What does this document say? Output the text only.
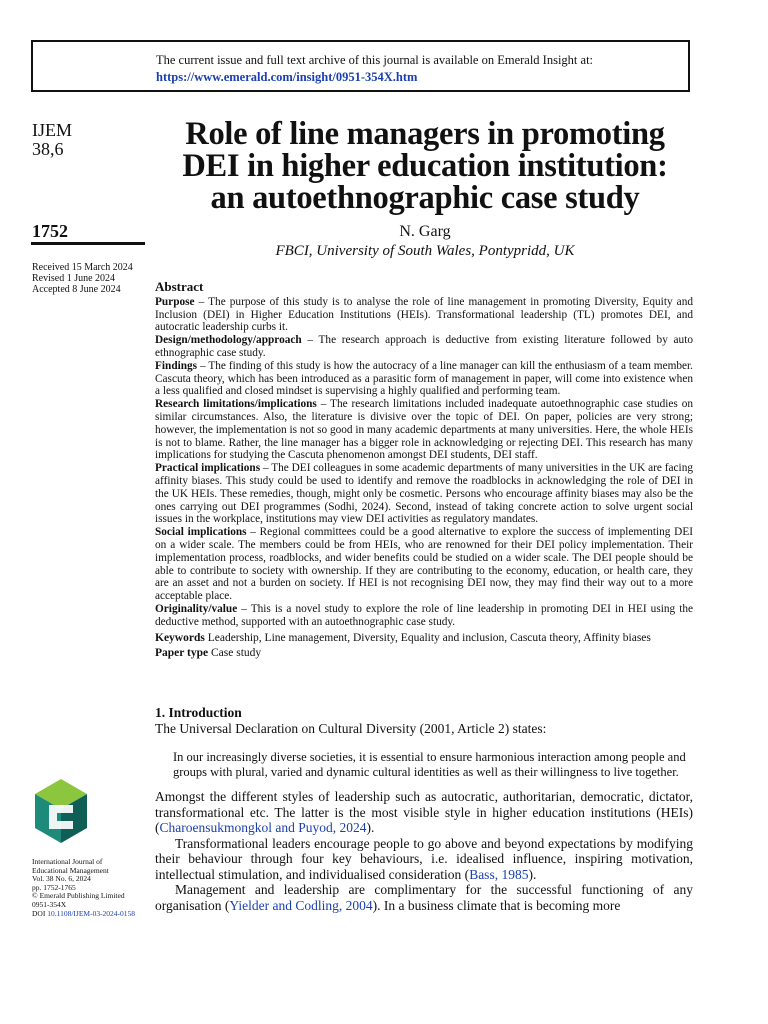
The current issue and full text archive of this journal is available on Emerald Insight at:
https://www.emerald.com/insight/0951-354X.htm
IJEM
38,6
1752
Received 15 March 2024
Revised 1 June 2024
Accepted 8 June 2024
Role of line managers in promoting
DEI in higher education institution:
an autoethnographic case study
N. Garg
FBCI, University of South Wales, Pontypridd, UK
Abstract

Purpose – The purpose of this study is to analyse the role of line management in promoting Diversity, Equity and Inclusion (DEI) in Higher Education Institutions (HEIs). Transformational leadership (TL) promotes DEI, and autocratic leadership curbs it.

Design/methodology/approach – The research approach is deductive from existing literature followed by auto ethnographic case study.

Findings – The finding of this study is how the autocracy of a line manager can kill the enthusiasm of a team member. Cascuta theory, which has been introduced as a parasitic form of management in paper, will come into existence when a less qualified and closed mindset is supervising a highly qualified and performing team.

Research limitations/implications – The research limitations included inadequate autoethnographic case studies on similar circumstances. Also, the literature is divisive over the topic of DEI. On paper, policies are very strong; however, the implementation is not so good in many academic departments at many universities. Here, the whole HEIs is not to blame. Rather, the line manager has a bigger role in acknowledging or rejecting DEI. This research has many implications for studying the Cascuta phenomenon amongst DEI students, DEI staff.

Practical implications – The DEI colleagues in some academic departments of many universities in the UK are facing affinity biases. This study could be used to identify and remove the roadblocks in acknowledging the role of DEI in the UK HEIs. These remedies, though, might only be cosmetic. Persons who encourage affinity biases may also be the ones carrying out DEI programmes (Sodhi, 2024). Second, instead of taking concrete action to solve urgent social issues in the workplace, institutions may view DEI activities as regulatory mandates.

Social implications – Regional committees could be a good alternative to explore the success of implementing DEI on a wider scale. The members could be from HEIs, who are renowned for their DEI policy implementation. Their implementation process, roadblocks, and wider benefits could be studied on a wider scale. The DEI people should be able to contribute to society with ownership. If they are contributing to the economy, education, or health care, they are an asset and not a burden on society. If HEI is not recognising DEI now, they may find their way out to a more acceptable place.

Originality/value – This is a novel study to explore the role of line leadership in promoting DEI in HEI using the deductive method, supported with an autoethnographic case study.

Keywords Leadership, Line management, Diversity, Equality and inclusion, Cascuta theory, Affinity biases

Paper type Case study

1. Introduction

The Universal Declaration on Cultural Diversity (2001, Article 2) states:

In our increasingly diverse societies, it is essential to ensure harmonious interaction among people and groups with plural, varied and dynamic cultural identities as well as their willingness to live together.

Amongst the different styles of leadership such as autocratic, authoritarian, democratic, dictator, transformational etc. The latter is the most visible style in higher education institutions (HEIs) (Charoensukmongkol and Puyod, 2024).

Transformational leaders encourage people to go above and beyond expectations by modifying their behaviour through four key behaviours, i.e. idealised influence, inspiring motivation, intellectual stimulation, and individualised consideration (Bass, 1985).

Management and leadership are complimentary for the successful functioning of any organisation (Yielder and Codling, 2004). In a business climate that is becoming more

International Journal of
Educational Management
Vol. 38 No. 6, 2024
pp. 1752-1765
© Emerald Publishing Limited
0951-354X
DOI 10.1108/IJEM-03-2024-0158
